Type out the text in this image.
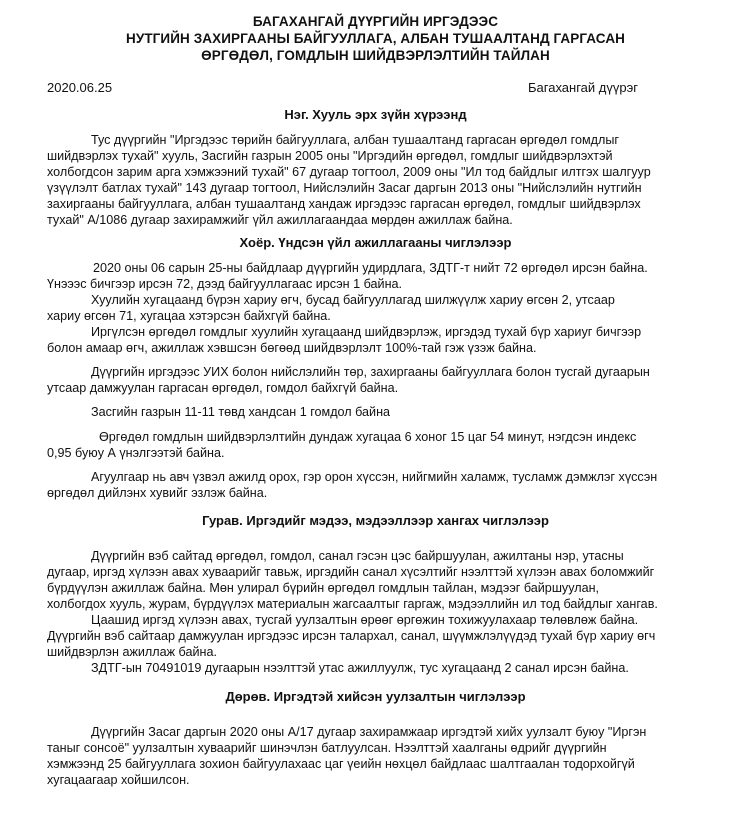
БАГАХАНГАЙ ДҮҮРГИЙН ИРГЭДЭЭС
НУТГИЙН ЗАХИРГААНЫ БАЙГУУЛЛАГА, АЛБАН ТУШААЛТАНД ГАРГАСАН
ӨРГӨДӨЛ, ГОМДЛЫН ШИЙДВЭРЛЭЛТИЙН ТАЙЛАН
2020.06.25	Багахангай дүүрэг
Нэг. Хууль эрх зүйн хүрээнд
Тус дүүргийн "Иргэдээс төрийн байгууллага, албан тушаалтанд гаргасан өргөдөл гомдлыг
шийдвэрлэх тухай" хууль, Засгийн газрын 2005 оны "Иргэдийн өргөдөл, гомдлыг шийдвэрлэхтэй
холбогдсон зарим арга хэмжээний тухай" 67 дугаар тогтоол, 2009 оны "Ил тод байдлыг илтгэх шалгуур
үзүүлэлт батлах тухай" 143 дугаар тогтоол, Нийслэлийн Засаг даргын 2013 оны "Нийслэлийн нутгийн
захиргааны байгууллага, албан тушаалтанд хандаж иргэдээс гаргасан өргөдөл, гомдлыг шийдвэрлэх
тухай" А/1086 дугаар захирамжийг үйл ажиллагаандаа мөрдөн ажиллаж байна.
Хоёр. Үндсэн үйл ажиллагааны чиглэлээр
2020 оны 06 сарын 25-ны байдлаар дүүргийн удирдлага, ЗДТГ-т нийт 72 өргөдөл ирсэн байна.
Үнэээс бичгээр ирсэн 72, дээд байгууллагаас ирсэн 1 байна.
Хуулийн хугацаанд бүрэн хариу өгч, бусад байгууллагад шилжүүлж хариу өгсөн 2, утсаар
хариу өгсөн 71, хугацаа хэтэрсэн байхгүй байна.
Иргүлсэн өргөдөл гомдлыг хуулийн хугацаанд шийдвэрлэж, иргэдэд тухай бүр хариуг бичгээр
болон амаар өгч, ажиллаж хэвшсэн бөгөөд шийдвэрлэлт 100%-тай гэж үзэж байна.
Дүүргийн иргэдээс УИХ болон нийслэлийн төр, захиргааны байгууллага болон тусгай дугаарын
утсаар дамжуулан гаргасан өргөдөл, гомдол байхгүй байна.
Засгийн газрын 11-11 төвд хандсан 1 гомдол байна
Өргөдөл гомдлын шийдвэрлэлтийн дундаж хугацаа 6 хоног 15 цаг 54 минут, нэгдсэн индекс
0,95 буюу А үнэлгээтэй байна.
Агуулгаар нь авч үзвэл ажилд орох, гэр орон хүссэн, нийгмийн халамж, тусламж дэмжлэг хүссэн
өргөдөл дийлэнх хувийг эзлэж байна.
Гурав. Иргэдийг мэдээ, мэдээллээр хангах чиглэлээр
Дүүргийн вэб сайтад өргөдөл, гомдол, санал гэсэн цэс байршуулан, ажилтаны нэр, утасны
дугаар, иргэд хүлээн авах хуваарийг тавьж, иргэдийн санал хүсэлтийг нээлттэй хүлээн авах боломжийг
бүрдүүлэн ажиллаж байна. Мөн улирал бүрийн өргөдөл гомдлын тайлан, мэдээг байршуулан,
холбогдох хууль, журам, бүрдүүлэх материалын жагсаалтыг гаргаж, мэдээллийн ил тод байдлыг хангав.
Цаашид иргэд хүлээн авах, тусгай уулзалтын өрөөг өргөжин тохижуулахаар төлөвлөж байна.
Дүүргийн вэб сайтаар дамжуулан иргэдээс ирсэн талархал, санал, шүүмжлэлүүдэд тухай бүр хариу өгч
шийдвэрлэн ажиллаж байна.
ЗДТГ-ын 70491019 дугаарын нээлттэй утас ажиллуулж, тус хугацаанд 2 санал ирсэн байна.
Дөрөв. Иргэдтэй хийсэн уулзалтын чиглэлээр
Дүүргийн Засаг даргын 2020 оны А/17 дугаар захирамжаар иргэдтэй хийх уулзалт буюу "Иргэн
таныг сонсоё" уулзалтын хуваарийг шинэчлэн батлуулсан. Нээлттэй хаалганы өдрийг дүүргийн
хэмжээнд 25 байгууллага зохион байгуулахаас цаг үеийн нөхцөл байдлаас шалтгаалан тодорхойгүй
хугацаагаар хойшилсон.
